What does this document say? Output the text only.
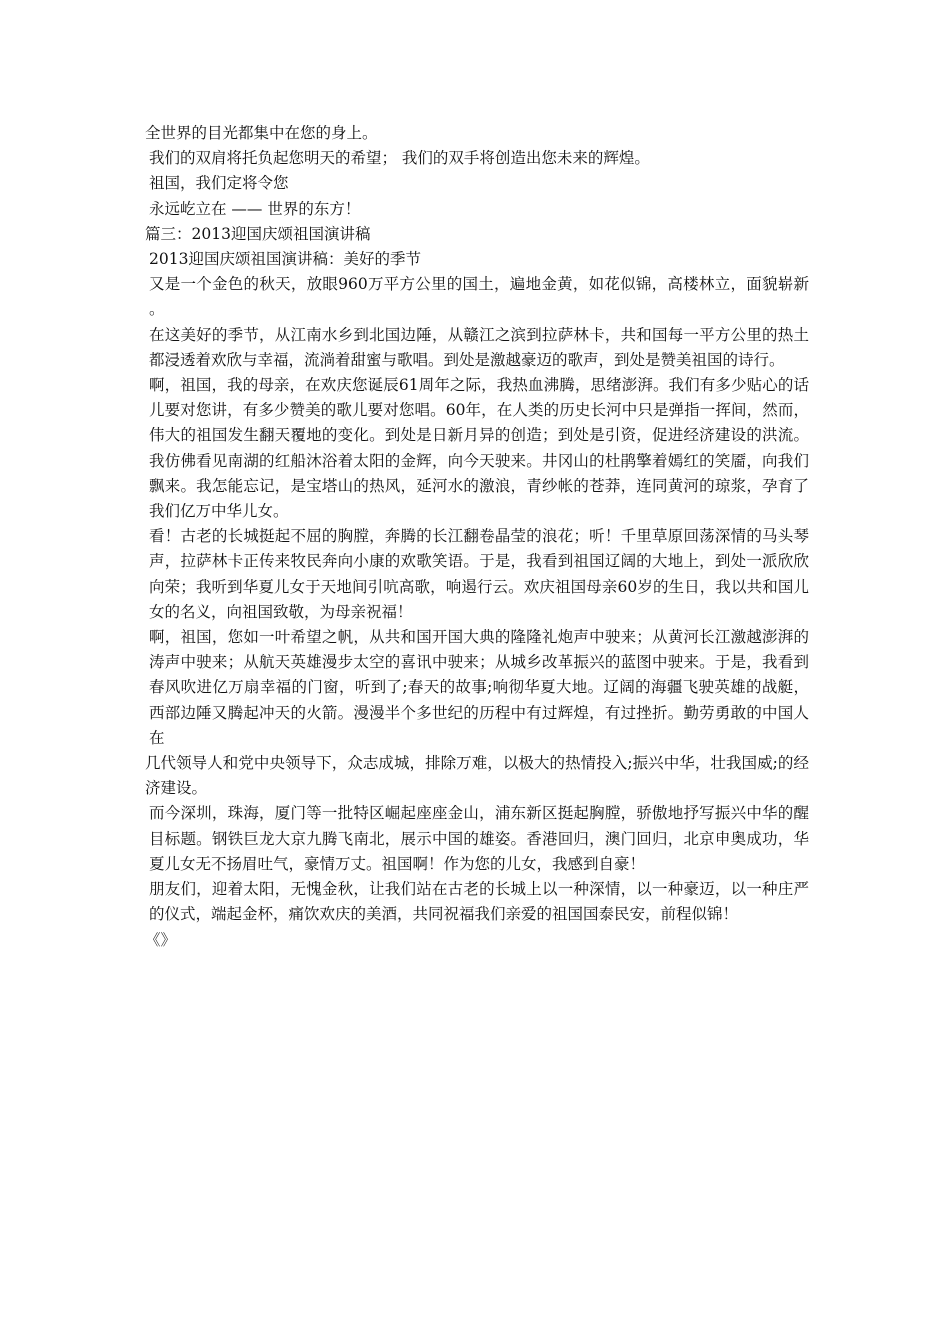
全世界的目光都集中在您的身上。

我们的双肩将托负起您明天的希望； 我们的双手将创造出您未来的辉煌。

祖国，我们定将令您

永远屹立在 —— 世界的东方！

篇三：2013迎国庆颂祖国演讲稿

2013迎国庆颂祖国演讲稿：美好的季节

又是一个金色的秋天，放眼960万平方公里的国土，遍地金黄，如花似锦，高楼林立，面貌崭新。

在这美好的季节，从江南水乡到北国边陲，从赣江之滨到拉萨林卡，共和国每一平方公里的热土都浸透着欢欣与幸福，流淌着甜蜜与歌唱。到处是激越豪迈的歌声，到处是赞美祖国的诗行。

啊，祖国，我的母亲，在欢庆您诞辰61周年之际，我热血沸腾，思绪澎湃。我们有多少贴心的话儿要对您讲，有多少赞美的歌儿要对您唱。60年，在人类的历史长河中只是弹指一挥间，然而，伟大的祖国发生翻天覆地的变化。到处是日新月异的创造；到处是引资，促进经济建设的洪流。我仿佛看见南湖的红船沐浴着太阳的金辉，向今天驶来。井冈山的杜鹃擎着嫣红的笑靥，向我们飘来。我怎能忘记，是宝塔山的热风，延河水的激浪，青纱帐的苍莽，连同黄河的琼浆，孕育了我们亿万中华儿女。

看！古老的长城挺起不屈的胸膛，奔腾的长江翻卷晶莹的浪花；听！千里草原回荡深情的马头琴声，拉萨林卡正传来牧民奔向小康的欢歌笑语。于是，我看到祖国辽阔的大地上，到处一派欣欣向荣；我听到华夏儿女于天地间引吭高歌，响遏行云。欢庆祖国母亲60岁的生日，我以共和国儿女的名义，向祖国致敬，为母亲祝福！

啊，祖国，您如一叶希望之帆，从共和国开国大典的隆隆礼炮声中驶来；从黄河长江激越澎湃的涛声中驶来；从航天英雄漫步太空的喜讯中驶来；从城乡改革振兴的蓝图中驶来。于是，我看到春风吹进亿万扇幸福的门窗，听到了;春天的故事;响彻华夏大地。辽阔的海疆飞驶英雄的战艇，西部边陲又腾起冲天的火箭。漫漫半个多世纪的历程中有过辉煌，有过挫折。勤劳勇敢的中国人在

几代领导人和党中央领导下，众志成城，排除万难，以极大的热情投入;振兴中华，壮我国威;的经济建设。

而今深圳，珠海，厦门等一批特区崛起座座金山，浦东新区挺起胸膛，骄傲地抒写振兴中华的醒目标题。钢铁巨龙大京九腾飞南北，展示中国的雄姿。香港回归，澳门回归，北京申奥成功，华夏儿女无不扬眉吐气，豪情万丈。祖国啊！作为您的儿女，我感到自豪！

朋友们，迎着太阳，无愧金秋，让我们站在古老的长城上以一种深情，以一种豪迈，以一种庄严的仪式，端起金杯，痛饮欢庆的美酒，共同祝福我们亲爱的祖国国泰民安，前程似锦！

《》
